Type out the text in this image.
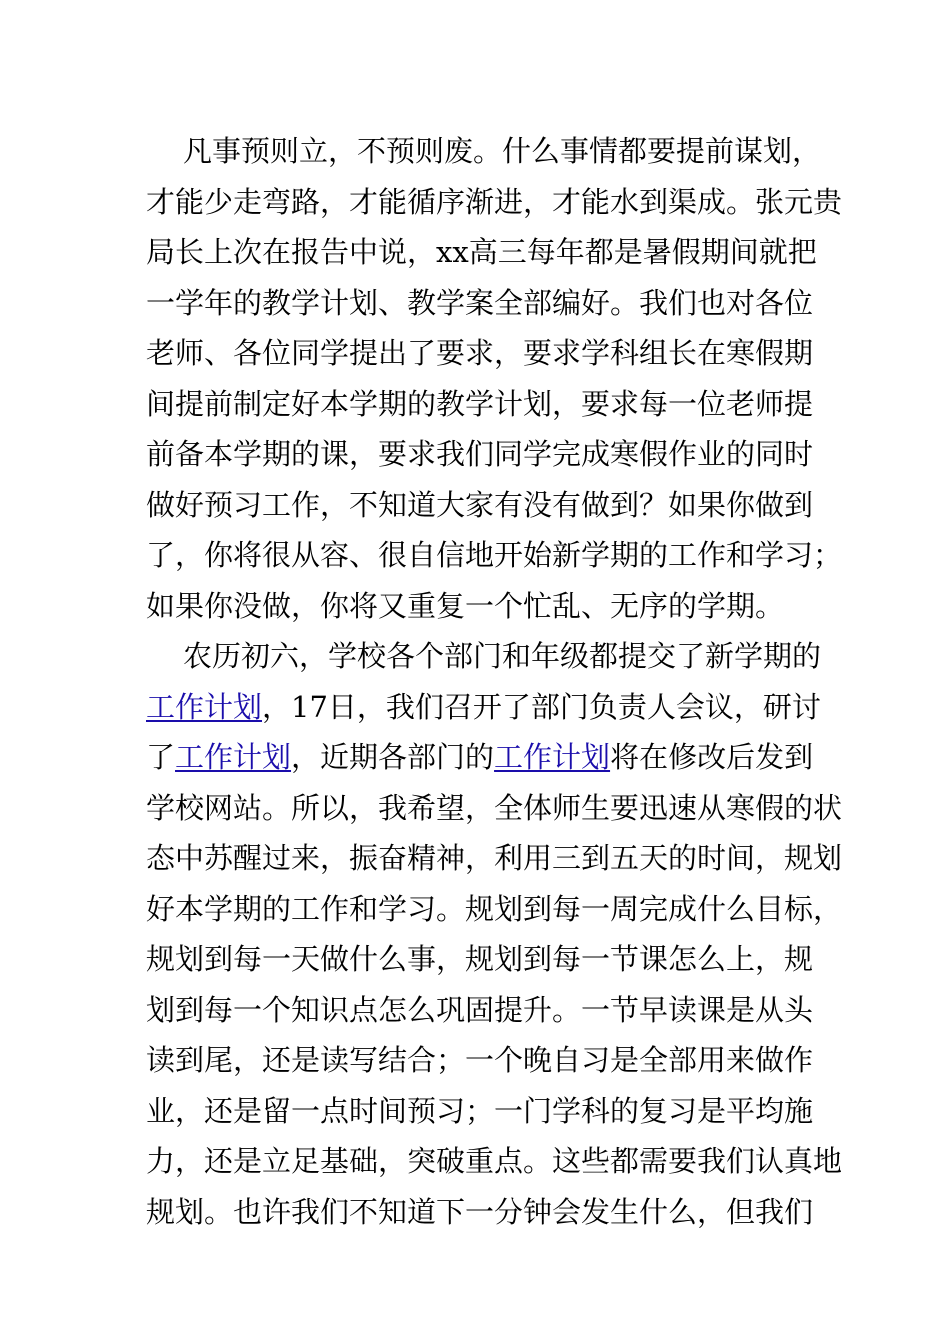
凡事预则立，不预则废。什么事情都要提前谋划，
才能少走弯路，才能循序渐进，才能水到渠成。张元贵
局长上次在报告中说，xx高三每年都是暑假期间就把
一学年的教学计划、教学案全部编好。我们也对各位
老师、各位同学提出了要求，要求学科组长在寒假期
间提前制定好本学期的教学计划，要求每一位老师提
前备本学期的课，要求我们同学完成寒假作业的同时
做好预习工作，不知道大家有没有做到？如果你做到
了，你将很从容、很自信地开始新学期的工作和学习；
如果你没做，你将又重复一个忙乱、无序的学期。
农历初六，学校各个部门和年级都提交了新学期的
工作计划，17日，我们召开了部门负责人会议，研讨
了工作计划，近期各部门的工作计划将在修改后发到
学校网站。所以，我希望，全体师生要迅速从寒假的状
态中苏醒过来，振奋精神，利用三到五天的时间，规划
好本学期的工作和学习。规划到每一周完成什么目标，
规划到每一天做什么事，规划到每一节课怎么上，规
划到每一个知识点怎么巩固提升。一节早读课是从头
读到尾，还是读写结合；一个晚自习是全部用来做作
业，还是留一点时间预习；一门学科的复习是平均施
力，还是立足基础，突破重点。这些都需要我们认真地
规划。也许我们不知道下一分钟会发生什么，但我们
